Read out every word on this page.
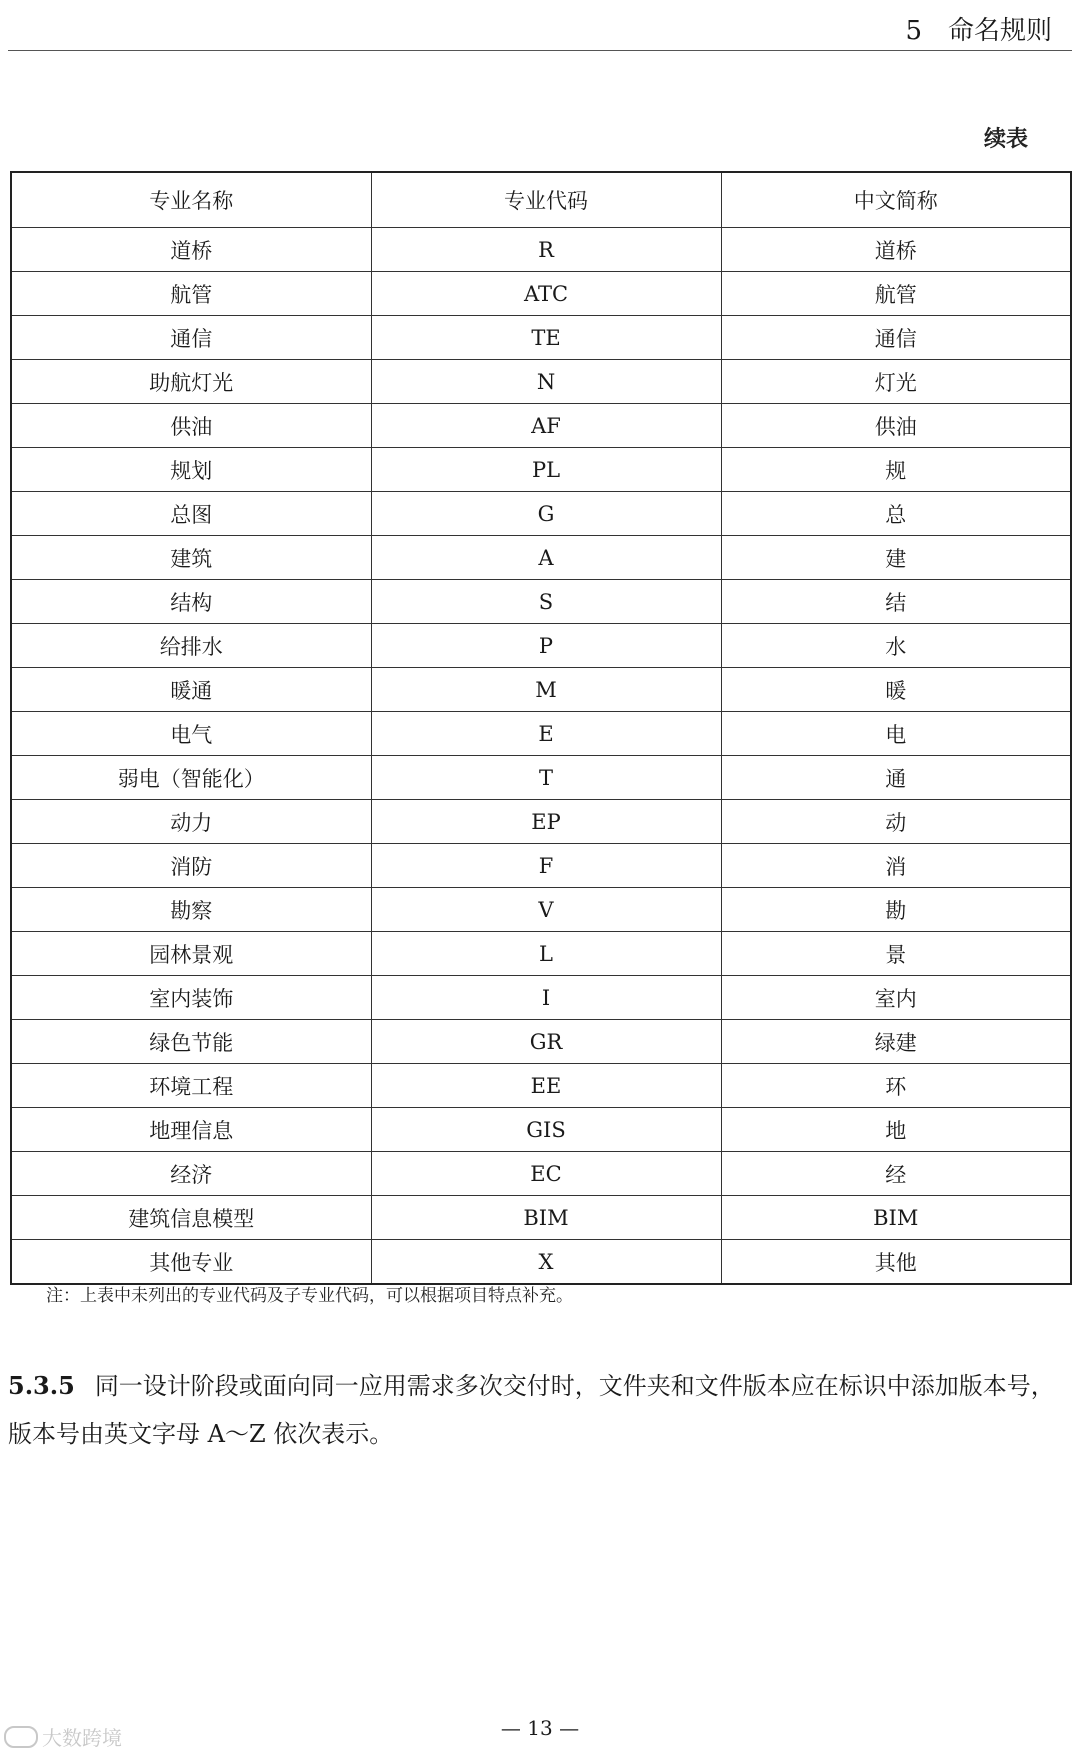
5 命名规则
续表
专业名称	专业代码	中文简称
道桥	R	道桥
航管	ATC	航管
通信	TE	通信
助航灯光	N	灯光
供油	AF	供油
规划	PL	规
总图	G	总
建筑	A	建
结构	S	结
给排水	P	水
暖通	M	暖
电气	E	电
弱电（智能化）	T	通
动力	EP	动
消防	F	消
勘察	V	勘
园林景观	L	景
室内装饰	I	室内
绿色节能	GR	绿建
环境工程	EE	环
地理信息	GIS	地
经济	EC	经
建筑信息模型	BIM	BIM
其他专业	X	其他
注：上表中未列出的专业代码及子专业代码，可以根据项目特点补充。
5.3.5 同一设计阶段或面向同一应用需求多次交付时，文件夹和文件版本应在标识中添加版本号，版本号由英文字母 A～Z 依次表示。
— 13 —
大数跨境
